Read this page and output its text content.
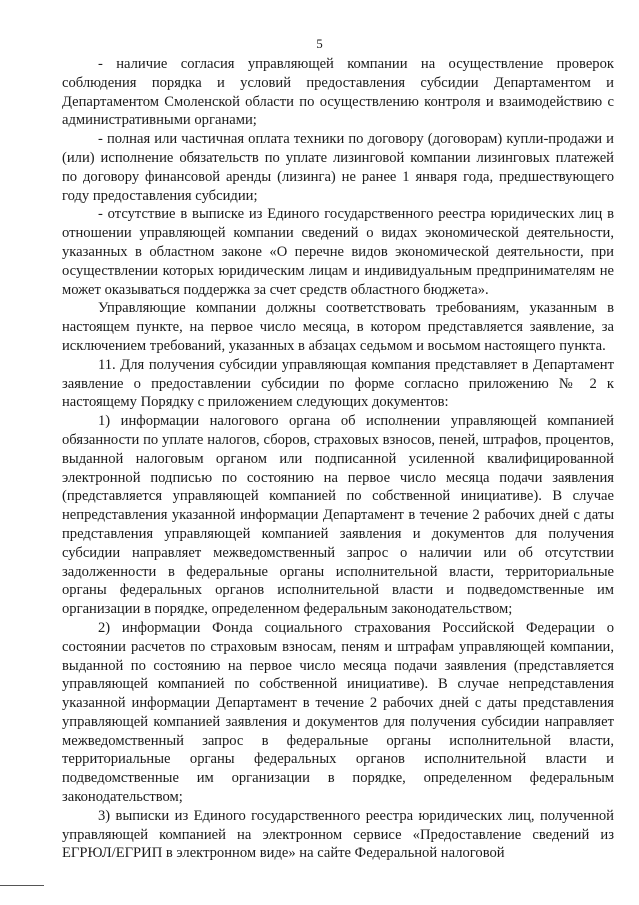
5

- наличие согласия управляющей компании на осуществление проверок соблюдения порядка и условий предоставления субсидии Департаментом и Департаментом Смоленской области по осуществлению контроля и взаимодействию с административными органами;

- полная или частичная оплата техники по договору (договорам) купли-продажи и (или) исполнение обязательств по уплате лизинговой компании лизинговых платежей по договору финансовой аренды (лизинга) не ранее 1 января года, предшествующего году предоставления субсидии;

- отсутствие в выписке из Единого государственного реестра юридических лиц в отношении управляющей компании сведений о видах экономической деятельности, указанных в областном законе «О перечне видов экономической деятельности, при осуществлении которых юридическим лицам и индивидуальным предпринимателям не может оказываться поддержка за счет средств областного бюджета».

Управляющие компании должны соответствовать требованиям, указанным в настоящем пункте, на первое число месяца, в котором представляется заявление, за исключением требований, указанных в абзацах седьмом и восьмом настоящего пункта.

11. Для получения субсидии управляющая компания представляет в Департамент заявление о предоставлении субсидии по форме согласно приложению № 2 к настоящему Порядку с приложением следующих документов:

1) информации налогового органа об исполнении управляющей компанией обязанности по уплате налогов, сборов, страховых взносов, пеней, штрафов, процентов, выданной налоговым органом или подписанной усиленной квалифицированной электронной подписью по состоянию на первое число месяца подачи заявления (представляется управляющей компанией по собственной инициативе). В случае непредставления указанной информации Департамент в течение 2 рабочих дней с даты представления управляющей компанией заявления и документов для получения субсидии направляет межведомственный запрос о наличии или об отсутствии задолженности в федеральные органы исполнительной власти, территориальные органы федеральных органов исполнительной власти и подведомственные им организации в порядке, определенном федеральным законодательством;

2) информации Фонда социального страхования Российской Федерации о состоянии расчетов по страховым взносам, пеням и штрафам управляющей компании, выданной по состоянию на первое число месяца подачи заявления (представляется управляющей компанией по собственной инициативе). В случае непредставления указанной информации Департамент в течение 2 рабочих дней с даты представления управляющей компанией заявления и документов для получения субсидии направляет межведомственный запрос в федеральные органы исполнительной власти, территориальные органы федеральных органов исполнительной власти и подведомственные им организации в порядке, определенном федеральным законодательством;

3) выписки из Единого государственного реестра юридических лиц, полученной управляющей компанией на электронном сервисе «Предоставление сведений из ЕГРЮЛ/ЕГРИП в электронном виде» на сайте Федеральной налоговой
